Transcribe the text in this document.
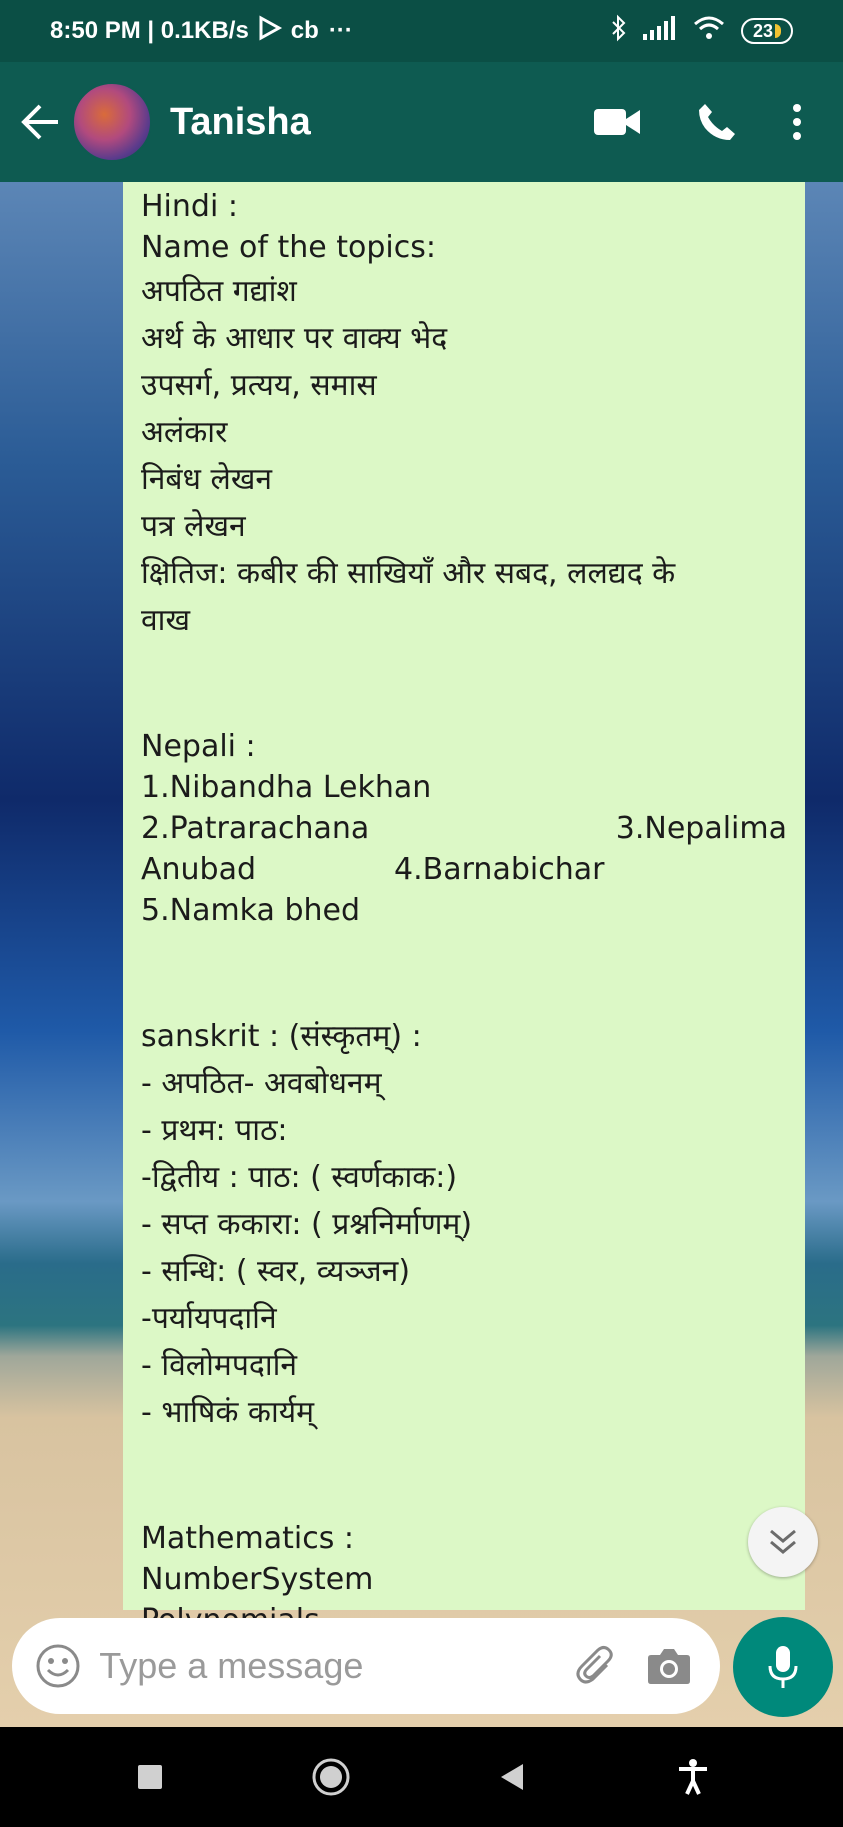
8:50 PM | 0.1KB/s cb ···	23
Tanisha
Hindi :
Name of the topics:
अपठित गद्यांश
अर्थ के आधार पर वाक्य भेद
उपसर्ग, प्रत्यय, समास
अलंकार
निबंध लेखन
पत्र लेखन
क्षितिज: कबीर की साखियाँ और सबद, ललद्यद के
वाख
Nepali :
1.Nibandha Lekhan
2.Patrarachana	3.Nepalima
Anubad	4.Barnabichar
5.Namka bhed
sanskrit : (संस्कृतम्) :
- अपठित- अवबोधनम्
- प्रथम: पाठ:
-द्वितीय : पाठ: ( स्वर्णकाक:)
- सप्त ककारा: ( प्रश्ननिर्माणम्)
- सन्धि: ( स्वर, व्यञ्जन)
-पर्यायपदानि
- विलोमपदानि
- भाषिकं कार्यम्
Mathematics :
NumberSystem
Type a message
